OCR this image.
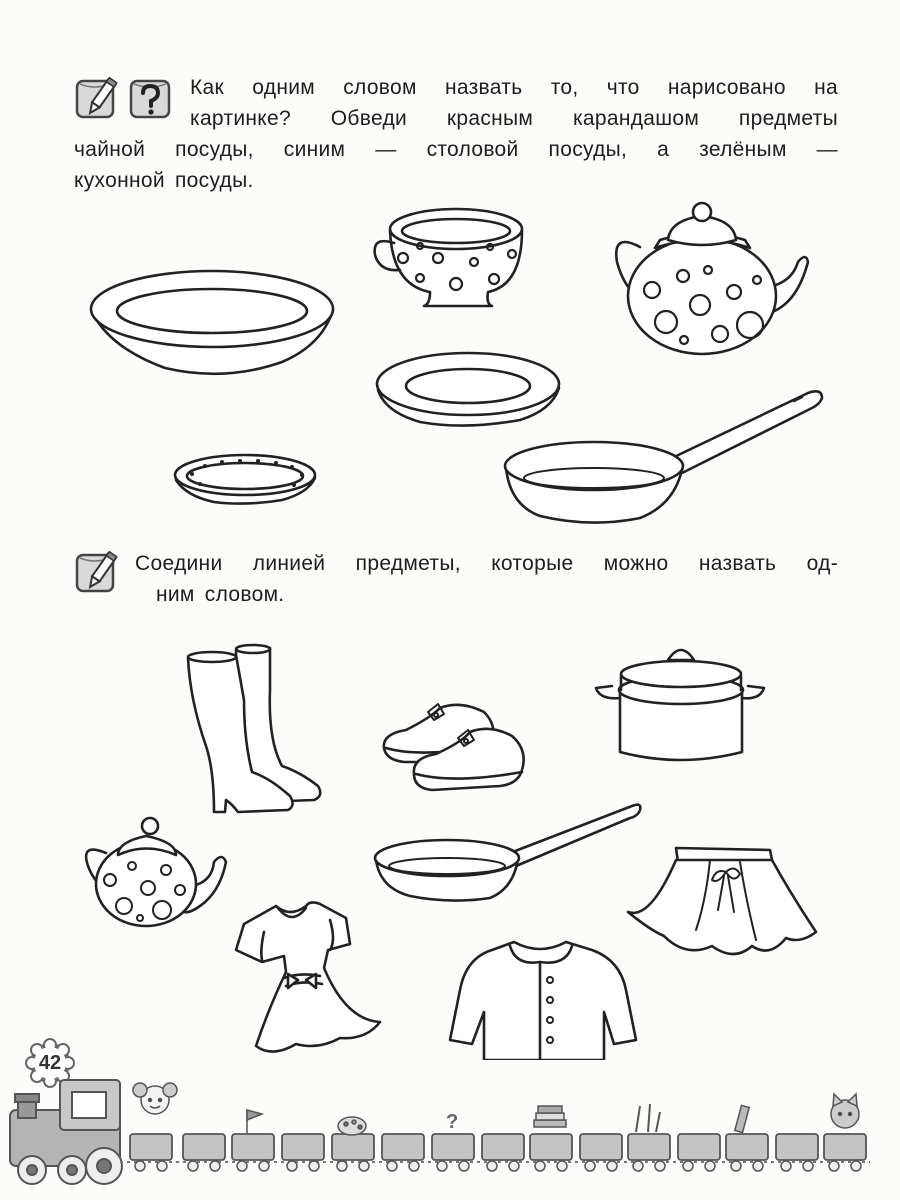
Как одним словом назвать то, что нарисовано на
картинке? Обведи красным карандашом предметы
чайной посуды, синим — столовой посуды, а зелёным —
кухонной посуды.
Соедини линией предметы, которые можно назвать од-
ним словом.
42
?
